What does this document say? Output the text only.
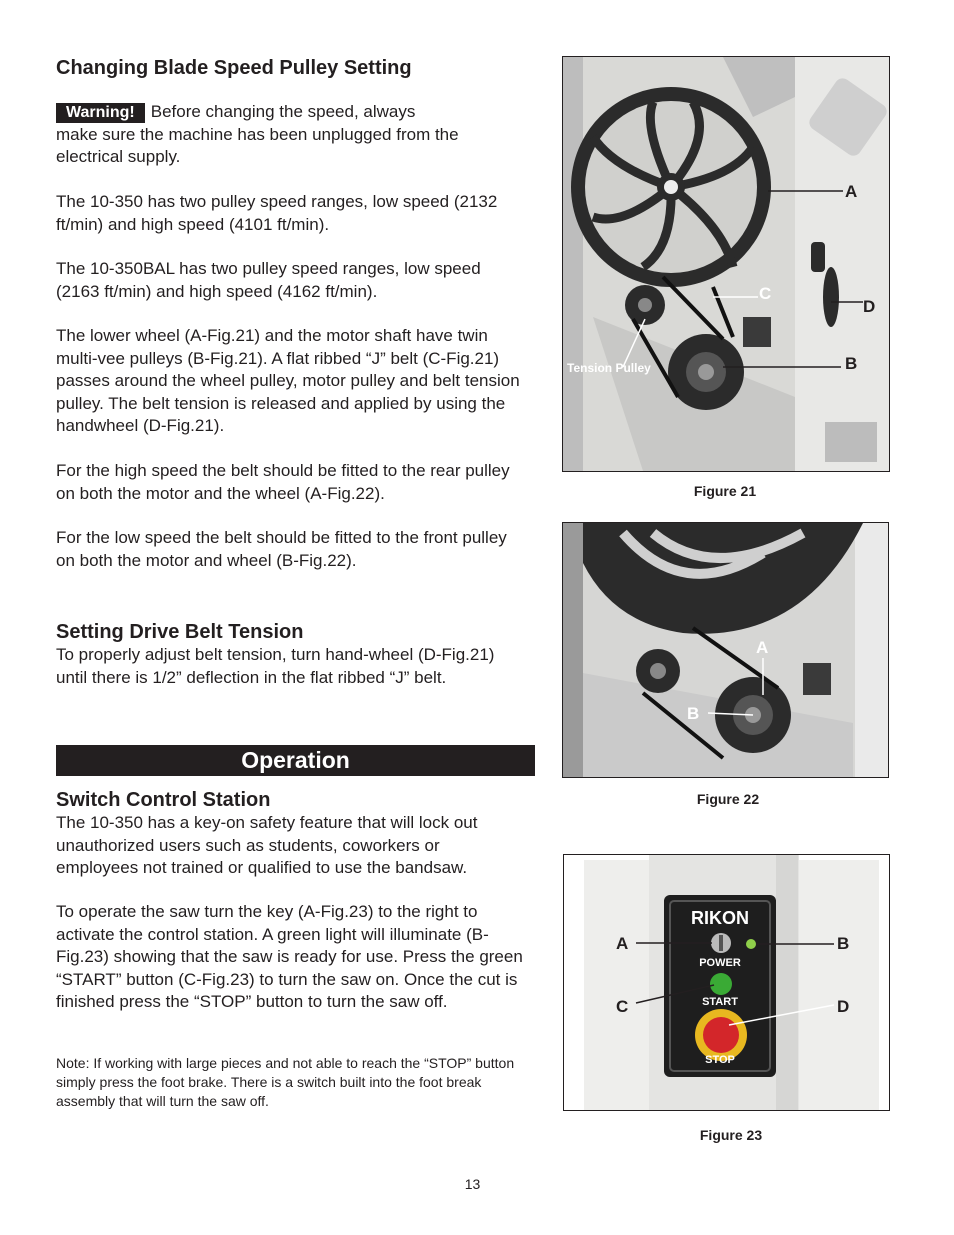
Changing Blade Speed Pulley Setting

Warning! Before changing the speed, always

make sure the machine has been unplugged from the electrical supply.

The 10-350 has two pulley speed ranges, low speed (2132 ft/min) and high speed (4101 ft/min).

The 10-350BAL has two pulley speed ranges, low speed (2163 ft/min) and high speed (4162 ft/min).

The lower wheel (A-Fig.21) and the motor shaft have twin multi-vee pulleys (B-Fig.21). A flat ribbed “J” belt (C-Fig.21) passes around the wheel pulley, motor pulley and belt tension pulley. The belt tension is released and applied by using the handwheel (D-Fig.21).

For the high speed the belt should be fitted to the rear pulley on both the motor and the wheel (A-Fig.22).

For the low speed the belt should be fitted to the front pulley on both the motor and wheel (B-Fig.22).

Setting Drive Belt Tension

To properly adjust belt tension, turn hand-wheel (D-Fig.21) until there is 1/2” deflection in the flat ribbed “J” belt.

Operation
Switch Control Station

The 10-350 has a key-on safety feature that will lock out unauthorized users such as students, coworkers or employees not trained or qualified to use the bandsaw.

To operate the saw turn the key (A-Fig.23) to the right to activate the control station. A green light will illuminate (B-Fig.23) showing that the saw is ready for use. Press the green “START” button (C-Fig.23) to turn the saw on. Once the cut is finished press the “STOP” button to turn the saw off.

Note: If working with large pieces and not able to reach the “STOP” button simply press the foot brake. There is a switch built into the foot break assembly that will turn the saw off.

A
C
D
B
Tension Pulley
Figure 21
A
B
Figure 22
RIKON
POWER
START
STOP
A	B
C	D
Figure 23
13
